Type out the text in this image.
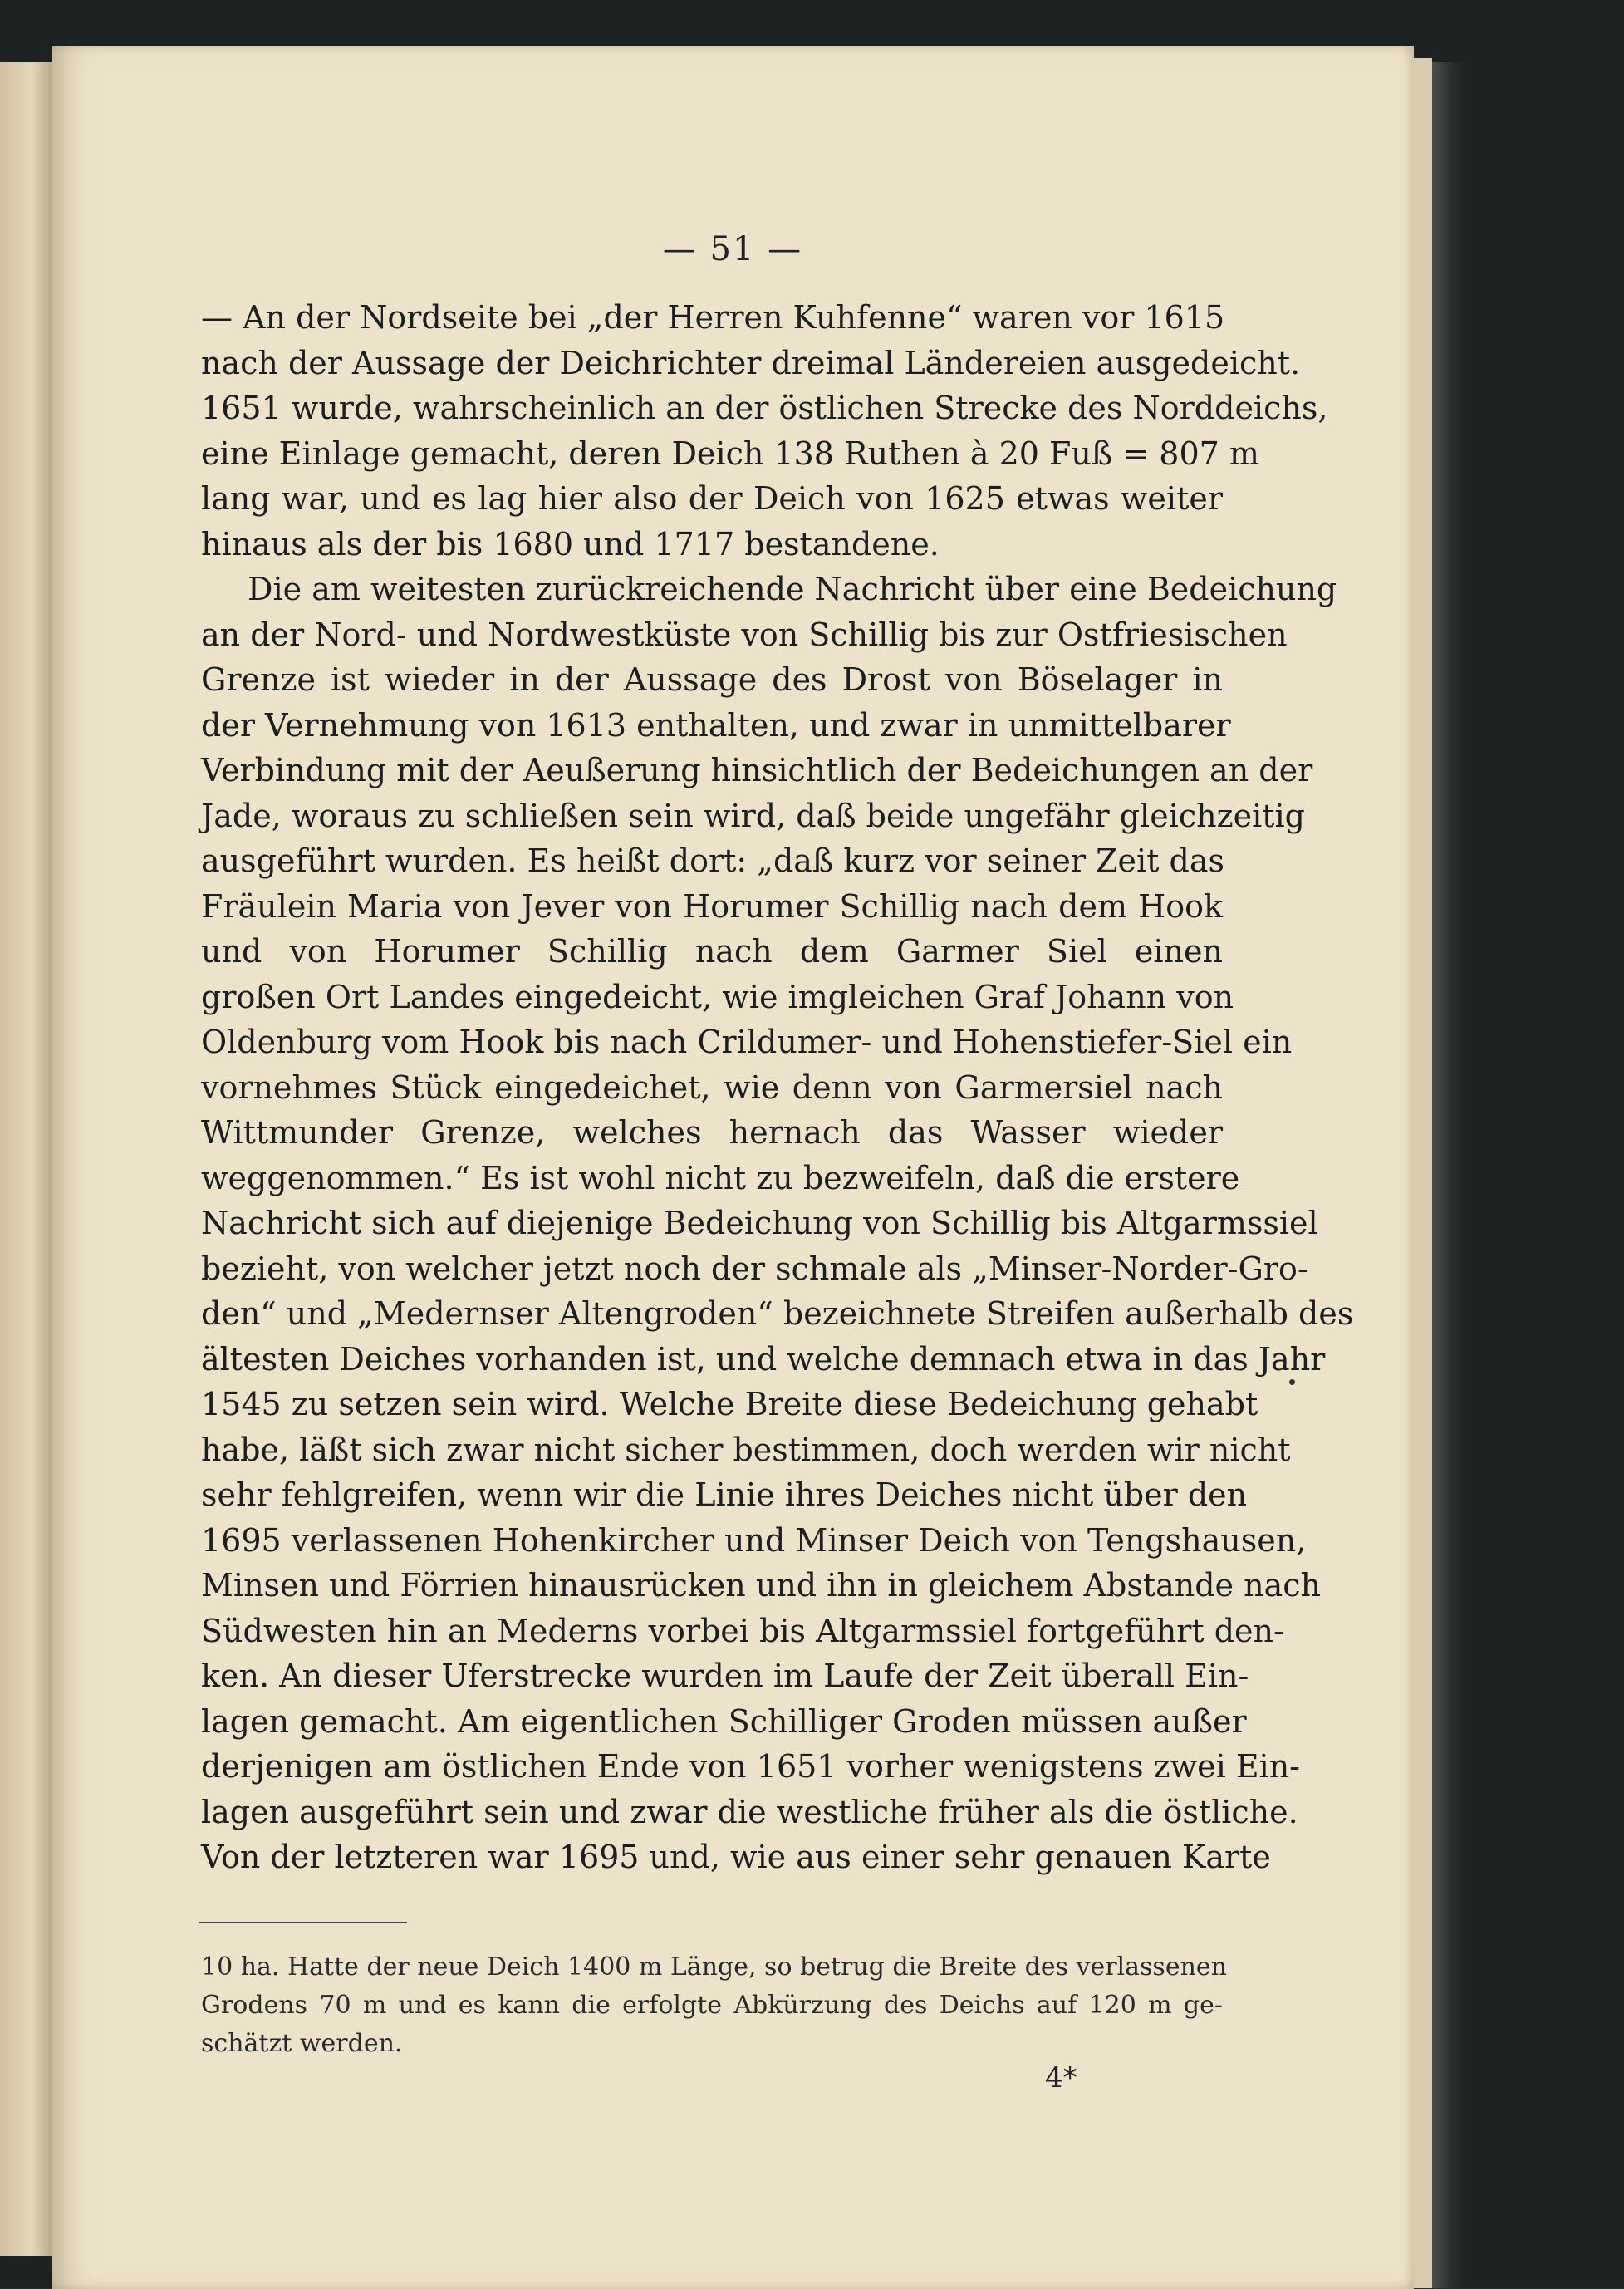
— 51 —
— An der Nordseite bei „der Herren Kuhfenne“ waren vor 1615
nach der Aussage der Deichrichter dreimal Ländereien ausgedeicht.
1651 wurde, wahrscheinlich an der östlichen Strecke des Norddeichs,
eine Einlage gemacht, deren Deich 138 Ruthen à 20 Fuß = 807 m
lang war, und es lag hier also der Deich von 1625 etwas weiter
hinaus als der bis 1680 und 1717 bestandene.
Die am weitesten zurückreichende Nachricht über eine Bedeichung
an der Nord- und Nordwestküste von Schillig bis zur Ostfriesischen
Grenze ist wieder in der Aussage des Drost von Böselager in
der Vernehmung von 1613 enthalten, und zwar in unmittelbarer
Verbindung mit der Aeußerung hinsichtlich der Bedeichungen an der
Jade, woraus zu schließen sein wird, daß beide ungefähr gleichzeitig
ausgeführt wurden. Es heißt dort: „daß kurz vor seiner Zeit das
Fräulein Maria von Jever von Horumer Schillig nach dem Hook
und von Horumer Schillig nach dem Garmer Siel einen
großen Ort Landes eingedeicht, wie imgleichen Graf Johann von
Oldenburg vom Hook bis nach Crildumer- und Hohenstiefer-Siel ein
vornehmes Stück eingedeichet, wie denn von Garmersiel nach
Wittmunder Grenze, welches hernach das Wasser wieder
weggenommen.“ Es ist wohl nicht zu bezweifeln, daß die erstere
Nachricht sich auf diejenige Bedeichung von Schillig bis Altgarmssiel
bezieht, von welcher jetzt noch der schmale als „Minser-Norder-Gro-
den“ und „Medernser Altengroden“ bezeichnete Streifen außerhalb des
ältesten Deiches vorhanden ist, und welche demnach etwa in das Jahr
1545 zu setzen sein wird. Welche Breite diese Bedeichung gehabt
habe, läßt sich zwar nicht sicher bestimmen, doch werden wir nicht
sehr fehlgreifen, wenn wir die Linie ihres Deiches nicht über den
1695 verlassenen Hohenkircher und Minser Deich von Tengshausen,
Minsen und Förrien hinausrücken und ihn in gleichem Abstande nach
Südwesten hin an Mederns vorbei bis Altgarmssiel fortgeführt den-
ken. An dieser Uferstrecke wurden im Laufe der Zeit überall Ein-
lagen gemacht. Am eigentlichen Schilliger Groden müssen außer
derjenigen am östlichen Ende von 1651 vorher wenigstens zwei Ein-
lagen ausgeführt sein und zwar die westliche früher als die östliche.
Von der letzteren war 1695 und, wie aus einer sehr genauen Karte
10 ha. Hatte der neue Deich 1400 m Länge, so betrug die Breite des verlassenen
Grodens 70 m und es kann die erfolgte Abkürzung des Deichs auf 120 m ge-
schätzt werden.
4*
